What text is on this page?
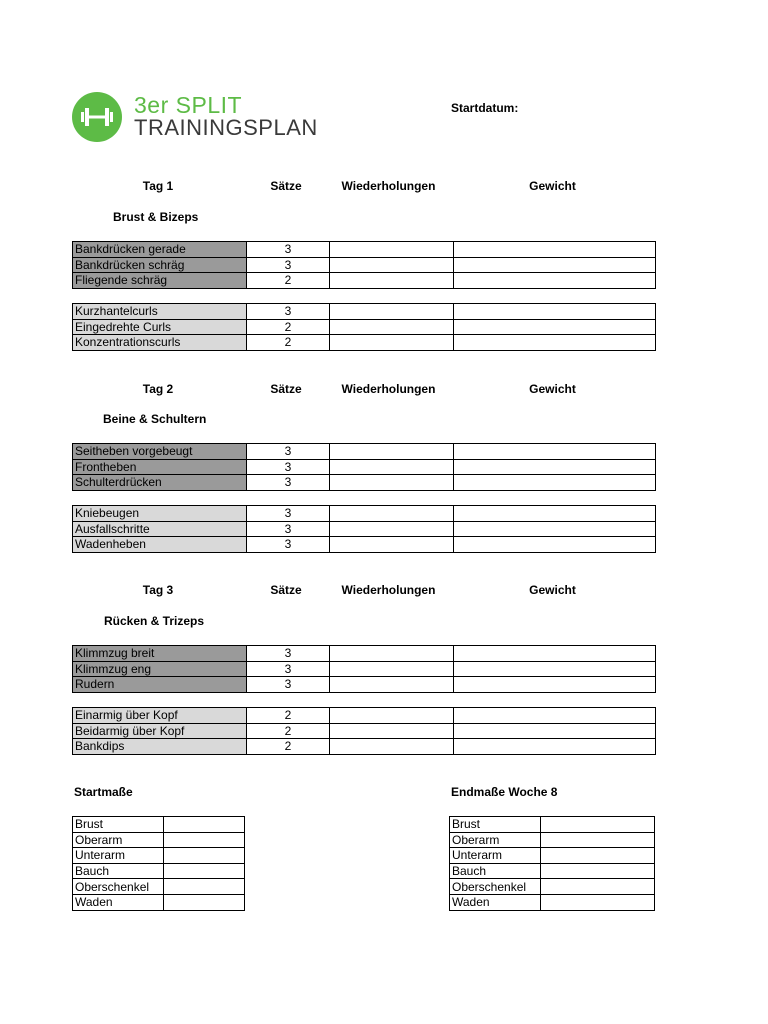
3er SPLIT
TRAININGSPLAN
Startdatum:
Tag 1	Sätze	Wiederholungen	Gewicht
Brust & Bizeps
Bankdrücken gerade	3		
Bankdrücken schräg	3		
Fliegende schräg	2		
Kurzhantelcurls	3		
Eingedrehte Curls	2		
Konzentrationscurls	2		
Tag 2	Sätze	Wiederholungen	Gewicht
Beine & Schultern
Seitheben vorgebeugt	3		
Frontheben	3		
Schulterdrücken	3		
Kniebeugen	3		
Ausfallschritte	3		
Wadenheben	3		
Tag 3	Sätze	Wiederholungen	Gewicht
Rücken & Trizeps
Klimmzug breit	3		
Klimmzug eng	3		
Rudern	3		
Einarmig über Kopf	2		
Beidarmig über Kopf	2		
Bankdips	2		
Startmaße	Endmaße Woche 8
Brust	
Oberarm	
Unterarm	
Bauch	
Oberschenkel	
Waden	
Brust	
Oberarm	
Unterarm	
Bauch	
Oberschenkel	
Waden	
